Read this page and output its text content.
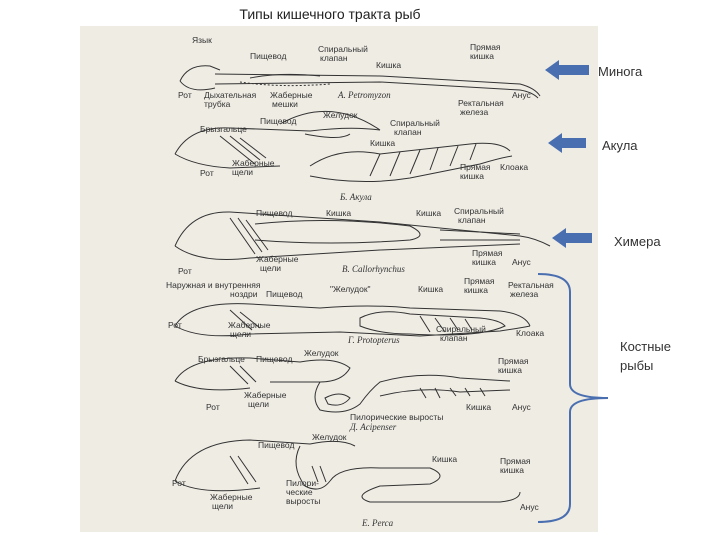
Типы кишечного тракта рыб
Язык
Пищевод
Спиральный
клапан
Кишка
Прямая
кишка
Рот Дыхательная
трубка
Жаберные
мешки
А. Petromyzon	Анус
Ректальная
железа
Пищевод
Желудок
Брызгальце
Спиральный
клапан
Кишка
Жаберные
щели
Рот
Прямая
кишка
Клоака
Б. Акула
Пищевод	Кишка	Кишка Спиральный
клапан
Рот
Жаберные
щели
Прямая
кишка Анус
В. Callorhynchus
Наружная и внутренняя
ноздри Пищевод	"Желудок"	Кишка
Прямая
кишка Ректальная
железа
Рот	Жаберные
щели	Спиральный
клапан	Клоака
Г. Protopterus
Брызгальце Пищевод
Желудок
Прямая
кишка
Рот
Жаберные
щели
Пилорические выросты
Кишка Анус
Д. Acipenser
Желудок
Пищевод
Кишка	Прямая
кишка
Рот	Пилори-
ческие
выросты
Жаберные
щели	Анус
Е. Perca
Минога
Акула
Химера
Костные
рыбы
